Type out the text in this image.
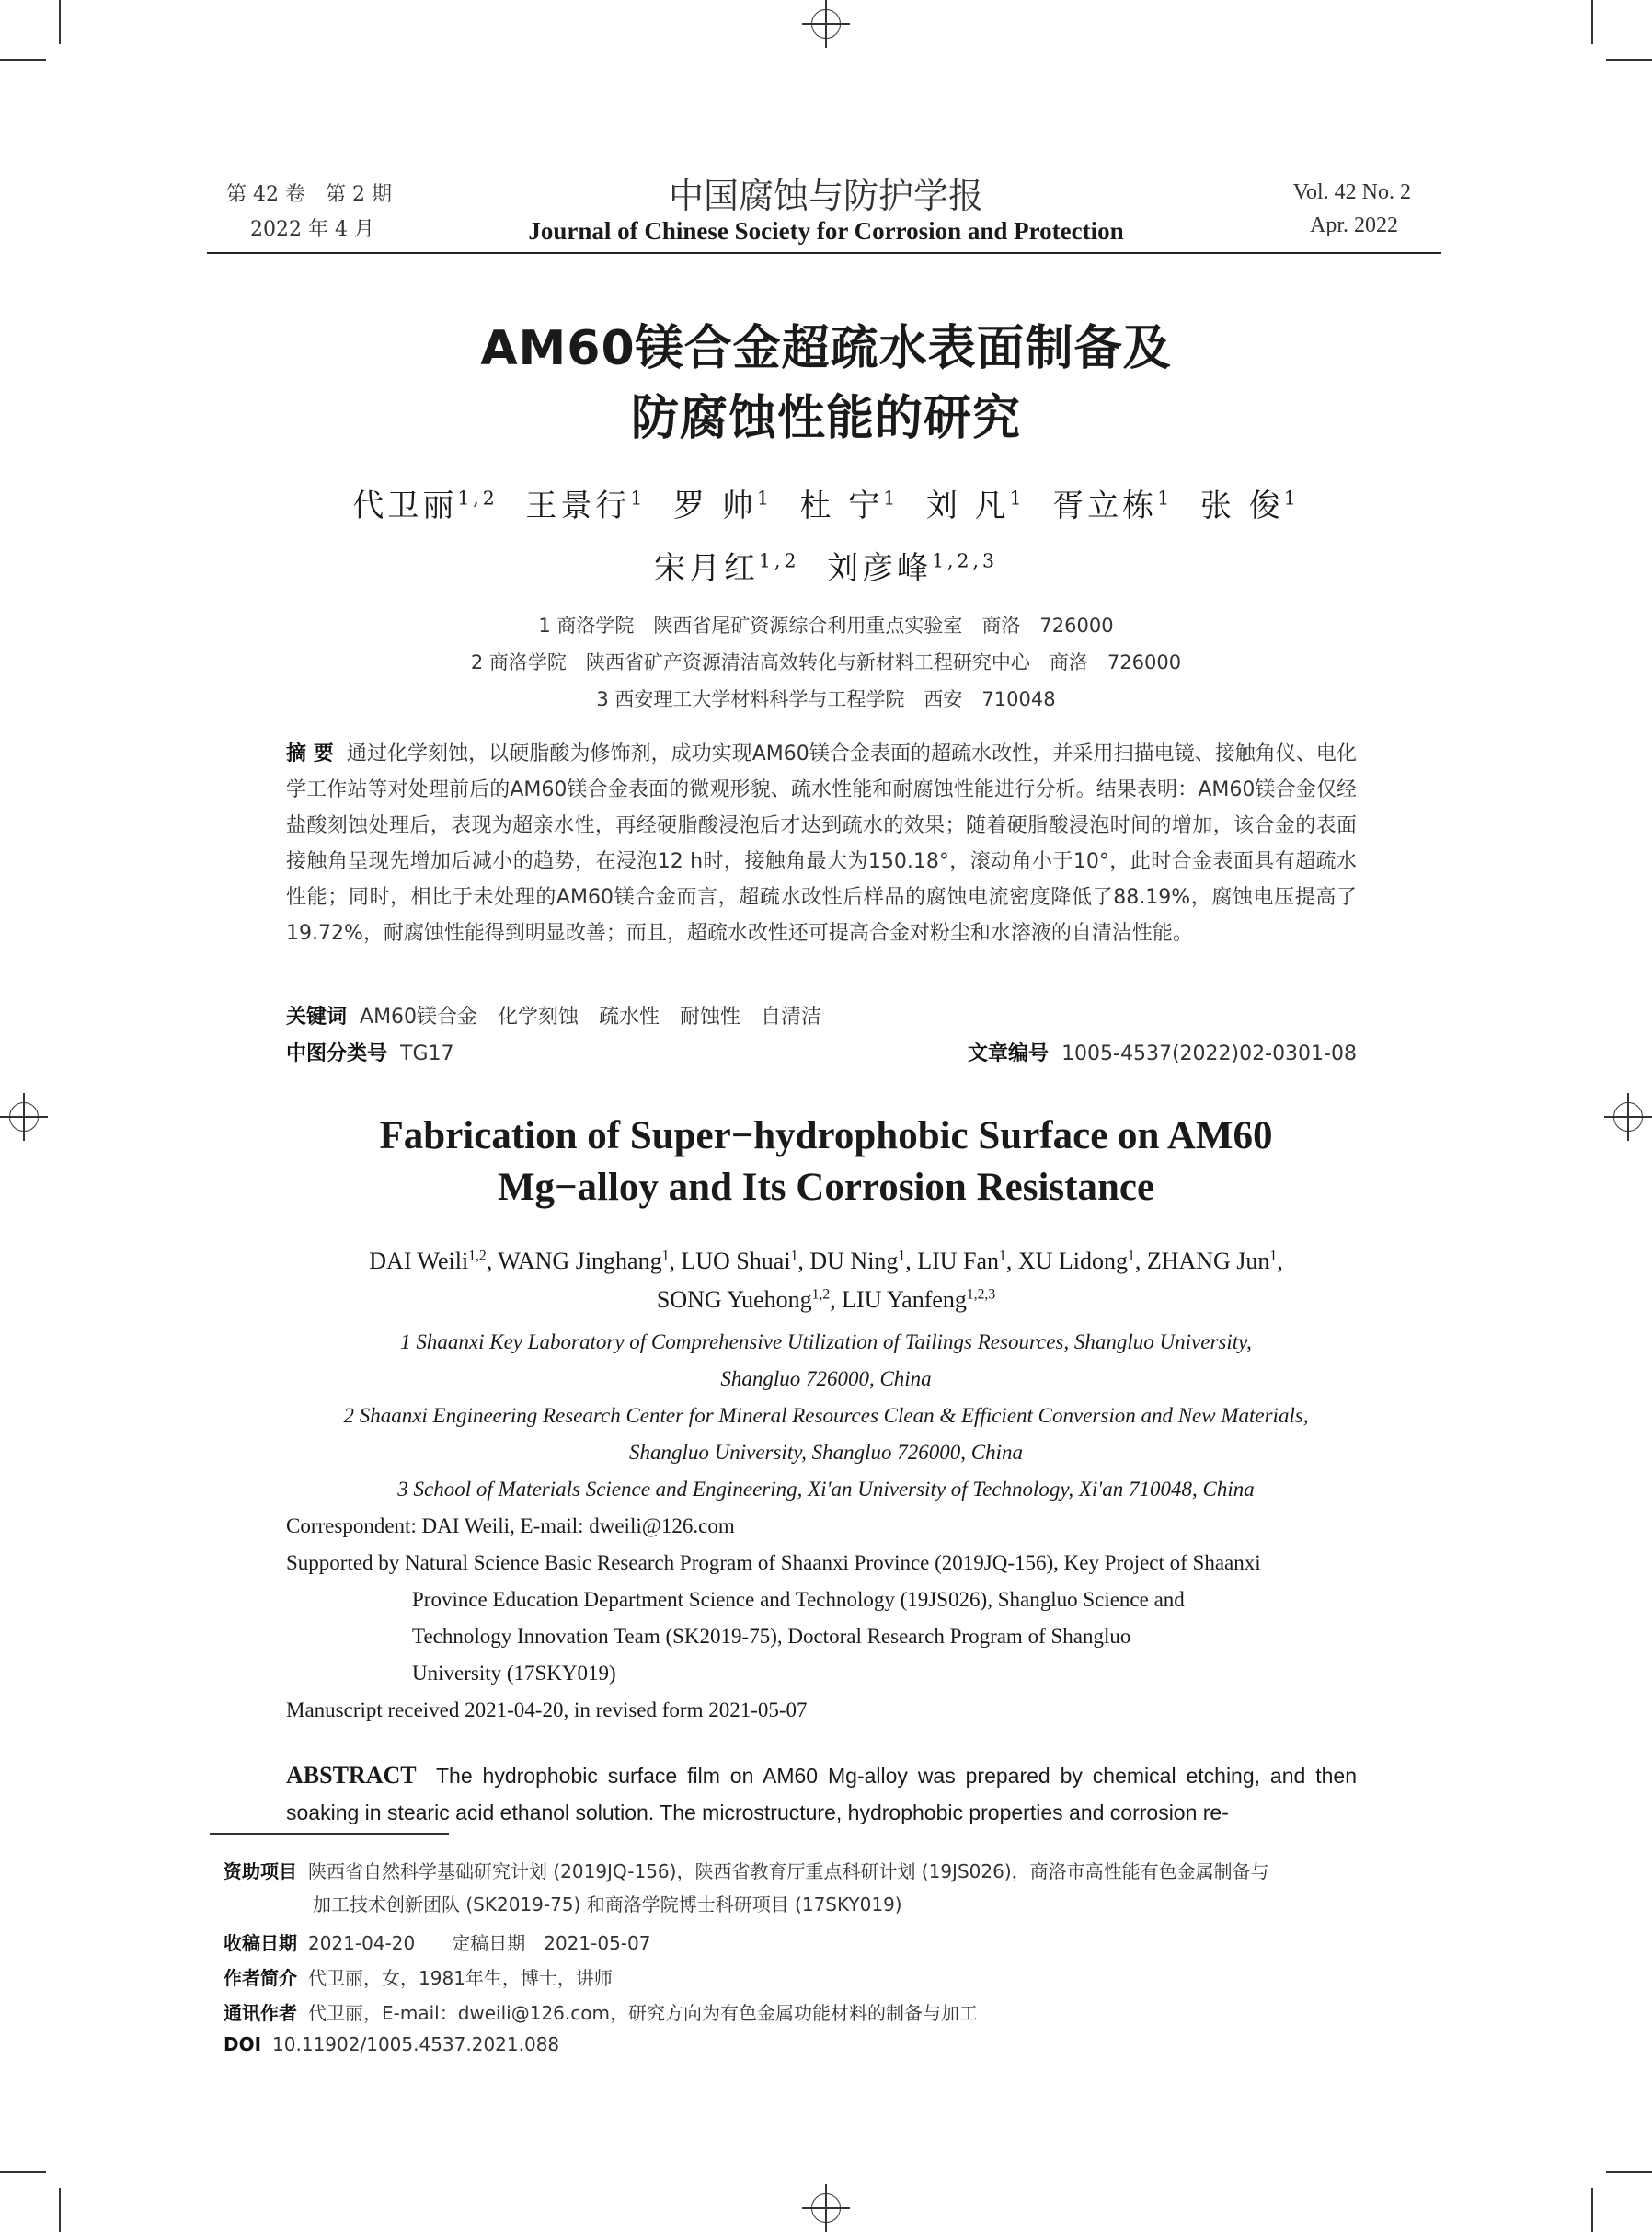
第 42 卷　第 2 期
2022 年 4 月
中国腐蚀与防护学报
Journal of Chinese Society for Corrosion and Protection
Vol. 42 No. 2
Apr. 2022
AM60镁合金超疏水表面制备及
防腐蚀性能的研究
代卫丽$^{1,2}$ 王景行$^1$ 罗 帅$^1$ 杜 宁$^1$ 刘 凡$^1$ 胥立栋$^1$ 张 俊$^1$
宋月红$^{1,2}$ 刘彦峰$^{1,2,3}$
1 商洛学院　陕西省尾矿资源综合利用重点实验室　商洛　726000
2 商洛学院　陕西省矿产资源清洁高效转化与新材料工程研究中心　商洛　726000
3 西安理工大学材料科学与工程学院　西安　710048
摘 要 通过化学刻蚀，以硬脂酸为修饰剂，成功实现AM60镁合金表面的超疏水改性，并采用扫描电镜、接触角仪、电化学工作站等对处理前后的AM60镁合金表面的微观形貌、疏水性能和耐腐蚀性能进行分析。结果表明：AM60镁合金仅经盐酸刻蚀处理后，表现为超亲水性，再经硬脂酸浸泡后才达到疏水的效果；随着硬脂酸浸泡时间的增加，该合金的表面接触角呈现先增加后减小的趋势，在浸泡12 h时，接触角最大为150.18°，滚动角小于10°，此时合金表面具有超疏水性能；同时，相比于未处理的AM60镁合金而言，超疏水改性后样品的腐蚀电流密度降低了88.19%，腐蚀电压提高了19.72%，耐腐蚀性能得到明显改善；而且，超疏水改性还可提高合金对粉尘和水溶液的自清洁性能。
关键词 AM60镁合金　化学刻蚀　疏水性　耐蚀性　自清洁
中图分类号 TG17	文章编号 1005-4537(2022)02-0301-08
Fabrication of Super−hydrophobic Surface on AM60
Mg−alloy and Its Corrosion Resistance
DAI Weili$^{1,2}$, WANG Jinghang$^1$, LUO Shuai$^1$, DU Ning$^1$, LIU Fan$^1$, XU Lidong$^1$, ZHANG Jun$^1$,
SONG Yuehong$^{1,2}$, LIU Yanfeng$^{1,2,3}$
1 Shaanxi Key Laboratory of Comprehensive Utilization of Tailings Resources, Shangluo University,
Shangluo 726000, China
2 Shaanxi Engineering Research Center for Mineral Resources Clean & Efficient Conversion and New Materials,
Shangluo University, Shangluo 726000, China
3 School of Materials Science and Engineering, Xi'an University of Technology, Xi'an 710048, China
Correspondent: DAI Weili, E-mail: dweili@126.com
Supported by Natural Science Basic Research Program of Shaanxi Province (2019JQ-156), Key Project of Shaanxi
Province Education Department Science and Technology (19JS026), Shangluo Science and
Technology Innovation Team (SK2019-75), Doctoral Research Program of Shangluo
University (17SKY019)
Manuscript received 2021-04-20, in revised form 2021-05-07
ABSTRACT The hydrophobic surface film on AM60 Mg-alloy was prepared by chemical etching, and then soaking in stearic acid ethanol solution. The microstructure, hydrophobic properties and corrosion re-
资助项目 陕西省自然科学基础研究计划 (2019JQ-156)，陕西省教育厅重点科研计划 (19JS026)，商洛市高性能有色金属制备与
加工技术创新团队 (SK2019-75) 和商洛学院博士科研项目 (17SKY019)
收稿日期 2021-04-20　　定稿日期　2021-05-07
作者简介 代卫丽，女，1981年生，博士，讲师
通讯作者 代卫丽，E-mail：dweili@126.com，研究方向为有色金属功能材料的制备与加工
DOI 10.11902/1005.4537.2021.088
